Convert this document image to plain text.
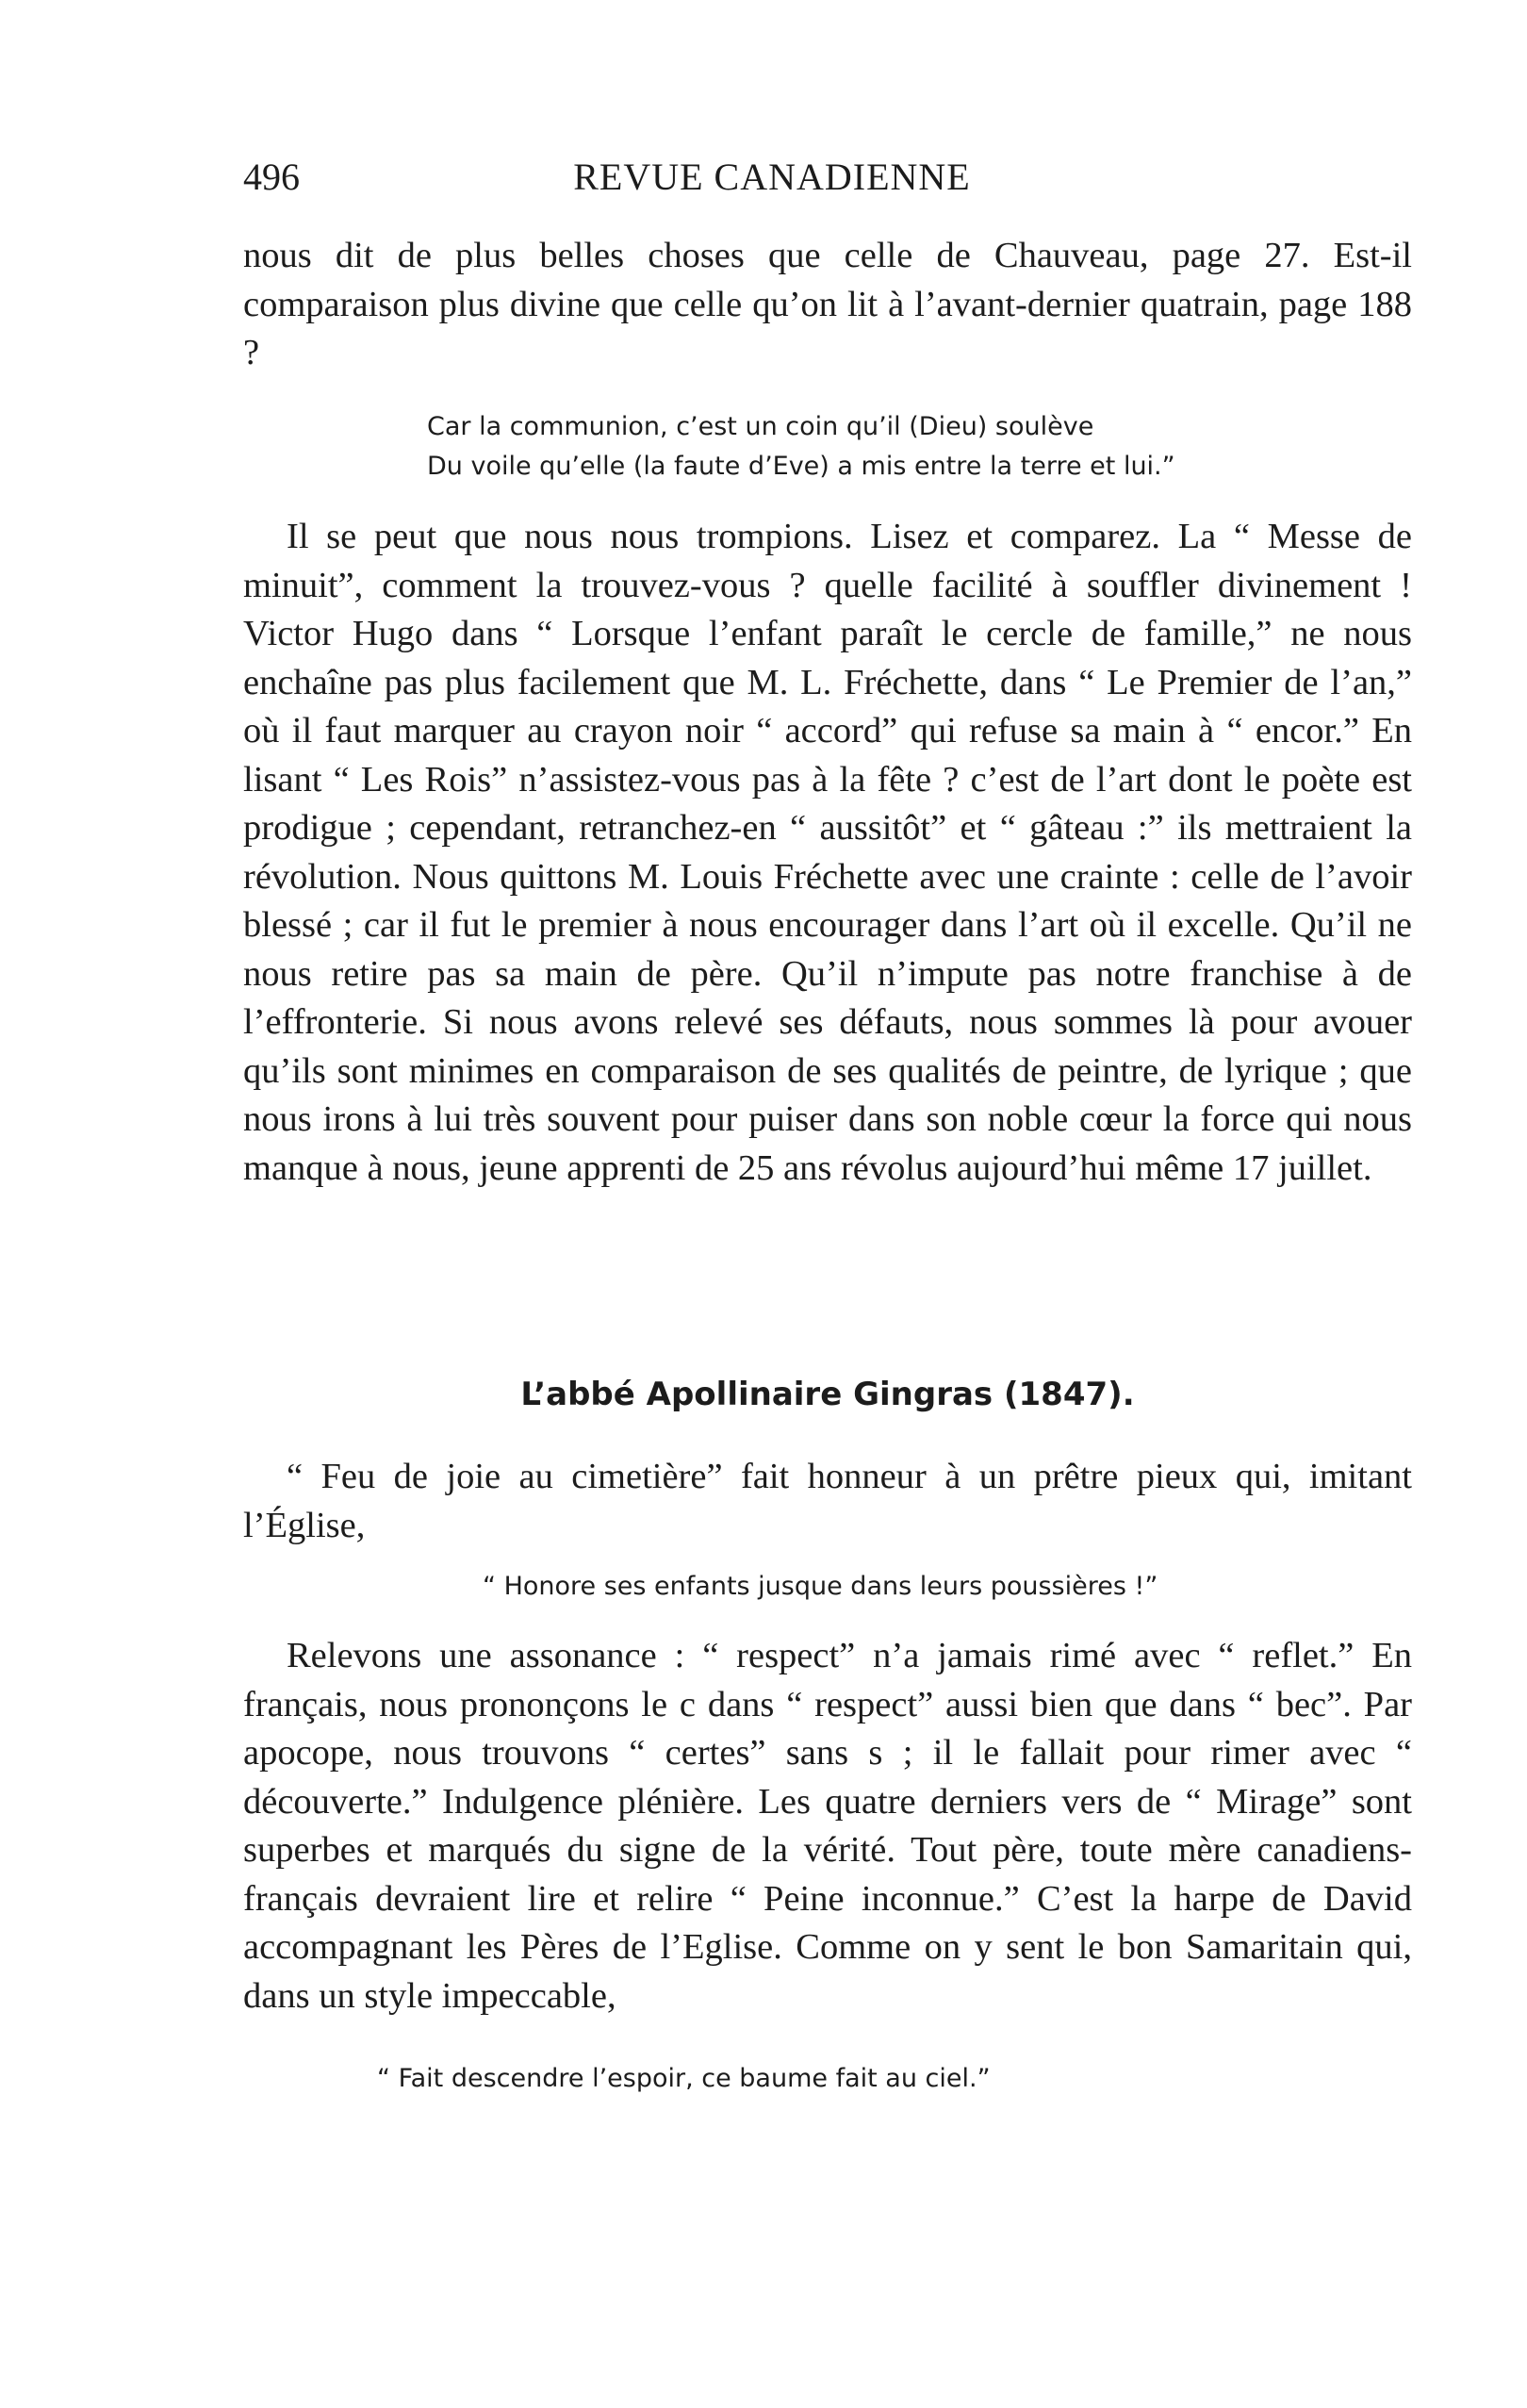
496	REVUE CANADIENNE

nous dit de plus belles choses que celle de Chauveau, page 27. Est-il comparaison plus divine que celle qu’on lit à l’avant-dernier quatrain, page 188 ?

Car la communion, c’est un coin qu’il (Dieu) soulève
Du voile qu’elle (la faute d’Eve) a mis entre la terre et lui.”

Il se peut que nous nous trompions. Lisez et comparez. La “ Messe de minuit”, comment la trouvez-vous ? quelle facilité à souffler divinement ! Victor Hugo dans “ Lorsque l’enfant paraît le cercle de famille,” ne nous enchaîne pas plus facilement que M. L. Fréchette, dans “ Le Premier de l’an,” où il faut marquer au crayon noir “ accord” qui refuse sa main à “ encor.” En lisant “ Les Rois” n’assistez-vous pas à la fête ? c’est de l’art dont le poète est prodigue ; cependant, retranchez-en “ aussitôt” et “ gâteau :” ils mettraient la révolution. Nous quittons M. Louis Fréchette avec une crainte : celle de l’avoir blessé ; car il fut le premier à nous encourager dans l’art où il excelle. Qu’il ne nous retire pas sa main de père. Qu’il n’impute pas notre franchise à de l’effronterie. Si nous avons relevé ses défauts, nous sommes là pour avouer qu’ils sont minimes en comparaison de ses qualités de peintre, de lyrique ; que nous irons à lui très souvent pour puiser dans son noble cœur la force qui nous manque à nous, jeune apprenti de 25 ans révolus aujourd’hui même 17 juillet.

L’abbé Apollinaire Gingras (1847).

“ Feu de joie au cimetière” fait honneur à un prêtre pieux qui, imitant l’Église,

“ Honore ses enfants jusque dans leurs poussières !”

Relevons une assonance : “ respect” n’a jamais rimé avec “ reflet.” En français, nous prononçons le c dans “ respect” aussi bien que dans “ bec”. Par apocope, nous trouvons “ certes” sans s ; il le fallait pour rimer avec “ découverte.” Indulgence plénière. Les quatre derniers vers de “ Mirage” sont superbes et marqués du signe de la vérité. Tout père, toute mère canadiens-français devraient lire et relire “ Peine inconnue.” C’est la harpe de David accompagnant les Pères de l’Eglise. Comme on y sent le bon Samaritain qui, dans un style impeccable,

“ Fait descendre l’espoir, ce baume fait au ciel.”
